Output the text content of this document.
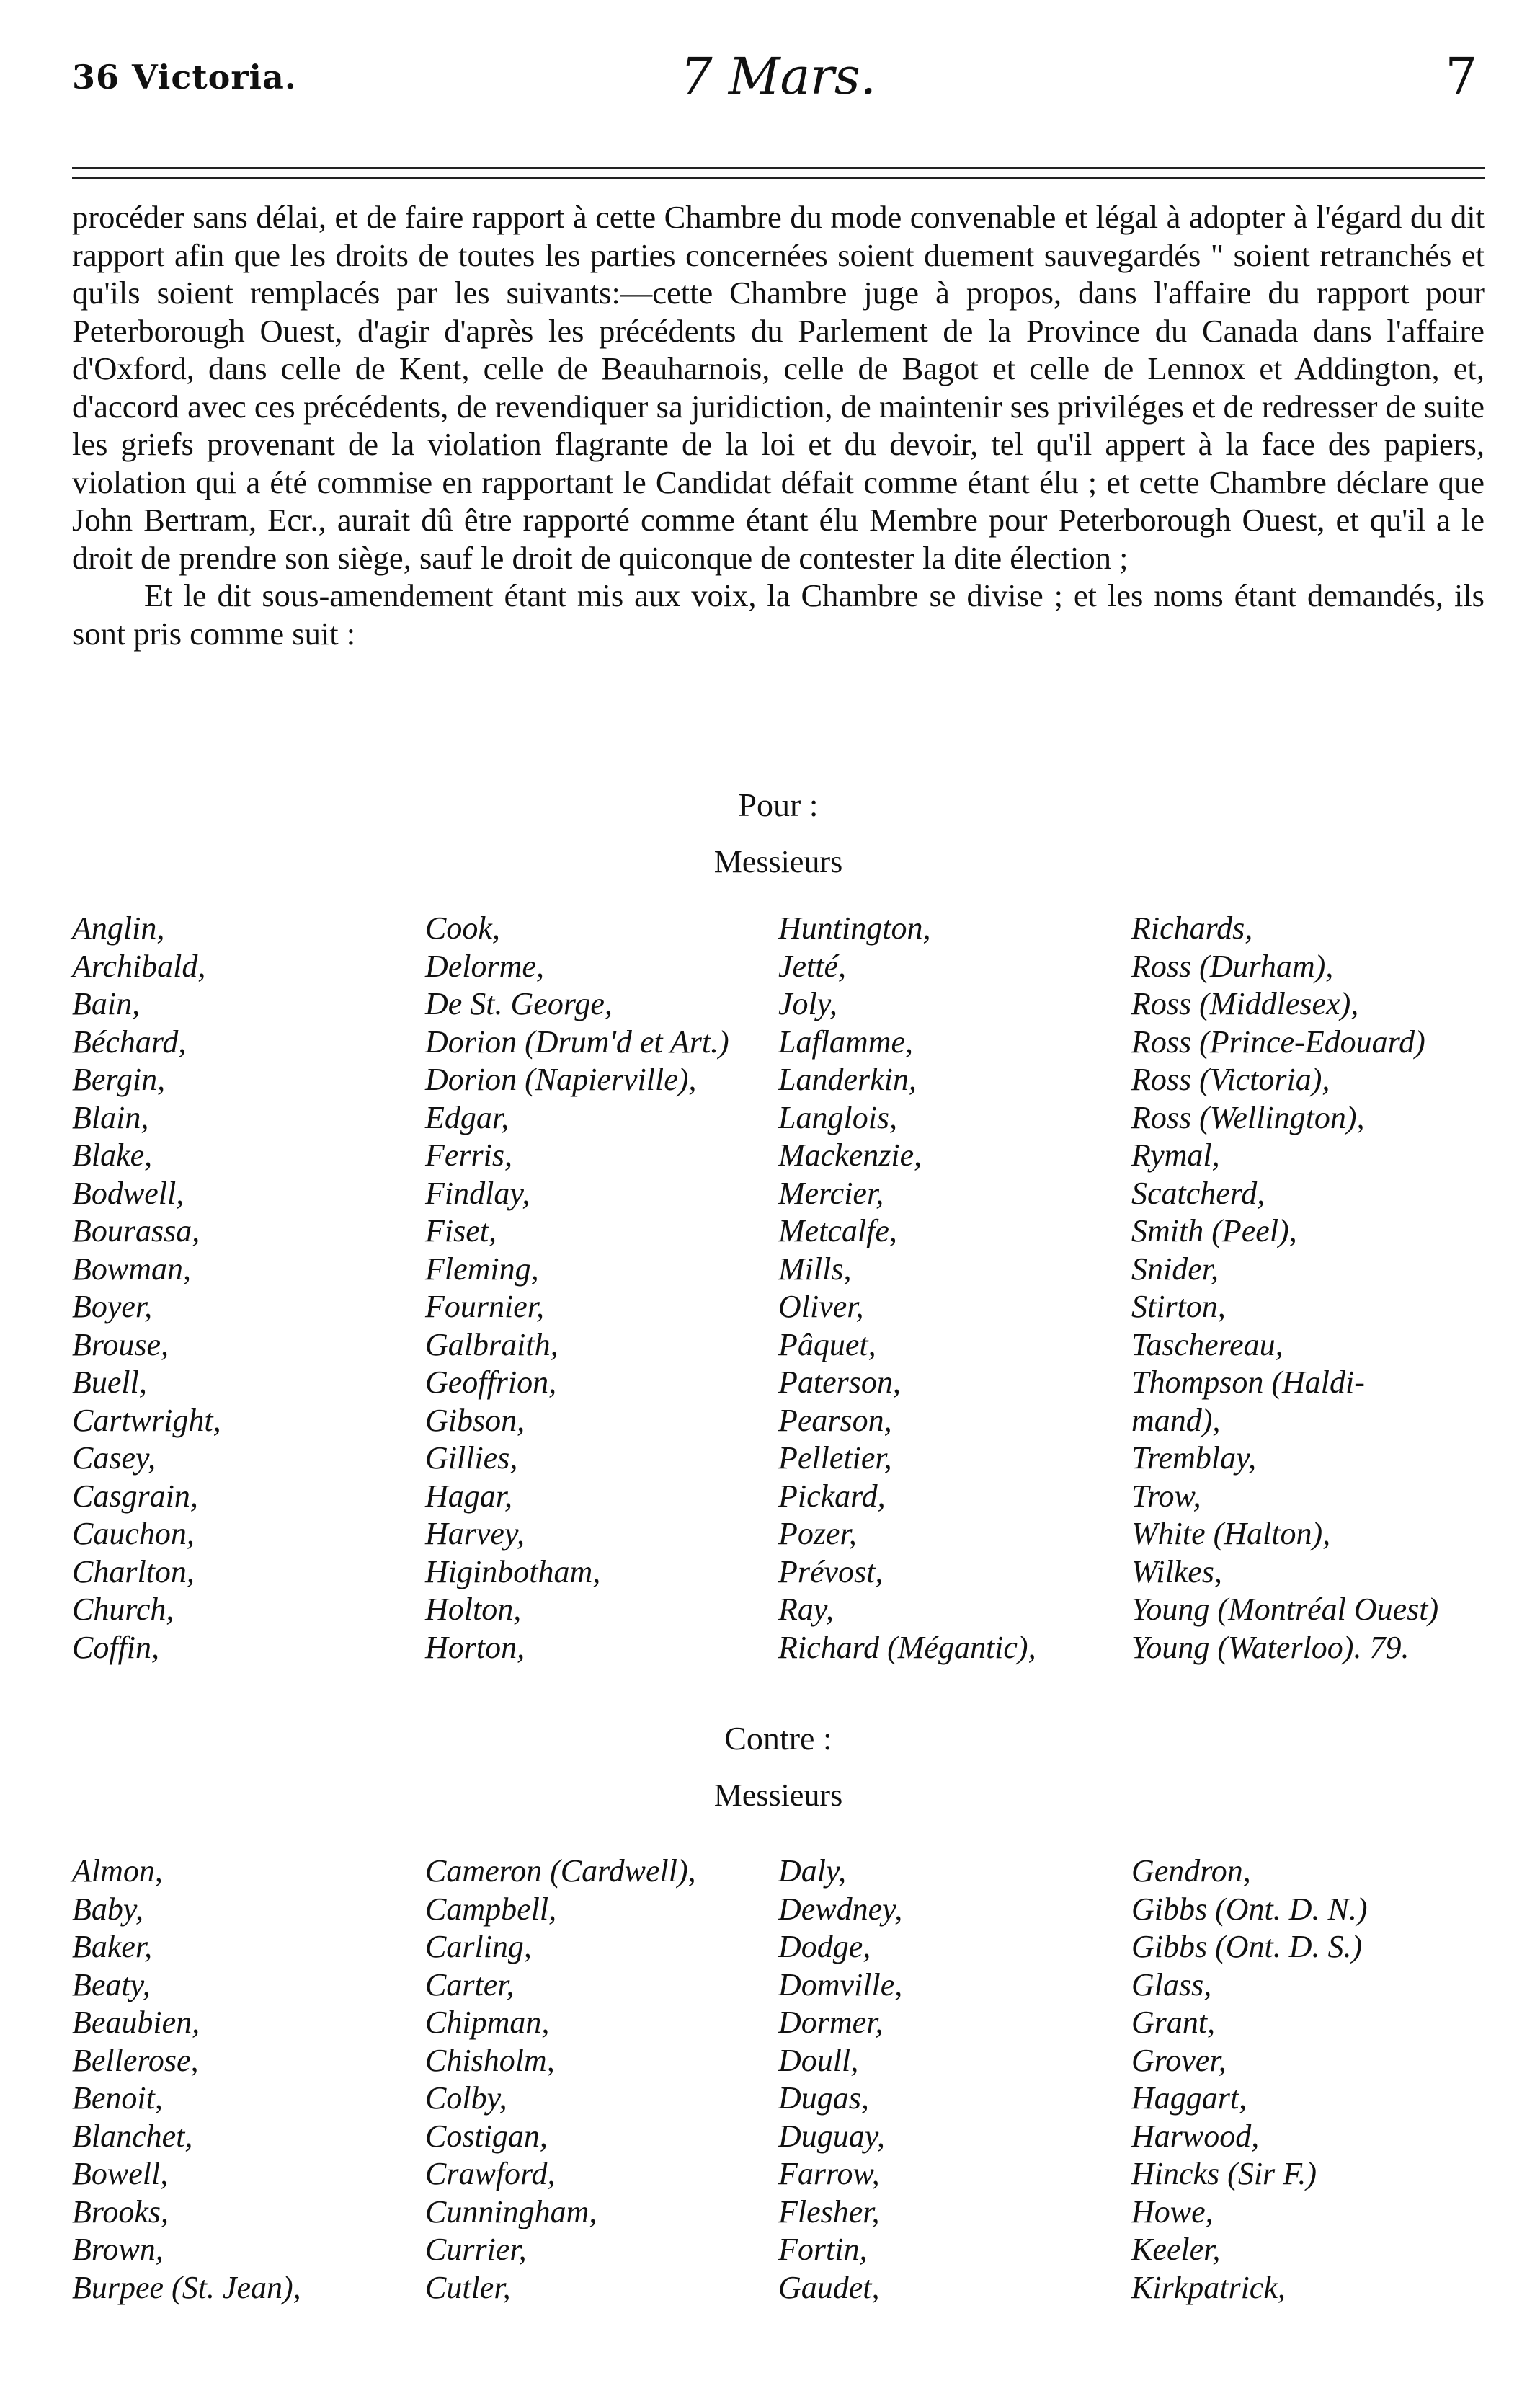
36 Victoria.	7 Mars.	7

procéder sans délai, et de faire rapport à cette Chambre du mode convenable et légal à adopter à l'égard du dit rapport afin que les droits de toutes les parties concernées soient duement sauvegardés " soient retranchés et qu'ils soient remplacés par les suivants:—cette Chambre juge à propos, dans l'affaire du rapport pour Peterborough Ouest, d'agir d'après les précédents du Parlement de la Province du Canada dans l'affaire d'Oxford, dans celle de Kent, celle de Beauharnois, celle de Bagot et celle de Lennox et Addington, et, d'accord avec ces précédents, de revendiquer sa juridiction, de maintenir ses priviléges et de redresser de suite les griefs provenant de la violation flagrante de la loi et du devoir, tel qu'il appert à la face des papiers, violation qui a été commise en rapportant le Candidat défait comme étant élu ; et cette Chambre déclare que John Bertram, Ecr., aurait dû être rapporté comme étant élu Membre pour Peterborough Ouest, et qu'il a le droit de prendre son siège, sauf le droit de quiconque de contester la dite élection ;

Et le dit sous-amendement étant mis aux voix, la Chambre se divise ; et les noms étant demandés, ils sont pris comme suit :

Pour :
Messieurs
Anglin,
Archibald,
Bain,
Béchard,
Bergin,
Blain,
Blake,
Bodwell,
Bourassa,
Bowman,
Boyer,
Brouse,
Buell,
Cartwright,
Casey,
Casgrain,
Cauchon,
Charlton,
Church,
Coffin,
Cook,
Delorme,
De St. George,
Dorion (Drum'd et Art.)
Dorion (Napierville),
Edgar,
Ferris,
Findlay,
Fiset,
Fleming,
Fournier,
Galbraith,
Geoffrion,
Gibson,
Gillies,
Hagar,
Harvey,
Higinbotham,
Holton,
Horton,
Huntington,
Jetté,
Joly,
Laflamme,
Landerkin,
Langlois,
Mackenzie,
Mercier,
Metcalfe,
Mills,
Oliver,
Pâquet,
Paterson,
Pearson,
Pelletier,
Pickard,
Pozer,
Prévost,
Ray,
Richard (Mégantic),
Richards,
Ross (Durham),
Ross (Middlesex),
Ross (Prince-Edouard)
Ross (Victoria),
Ross (Wellington),
Rymal,
Scatcherd,
Smith (Peel),
Snider,
Stirton,
Taschereau,
Thompson (Haldi-
mand),
Tremblay,
Trow,
White (Halton),
Wilkes,
Young (Montréal Ouest)
Young (Waterloo). 79.
Contre :
Messieurs
Almon,
Baby,
Baker,
Beaty,
Beaubien,
Bellerose,
Benoit,
Blanchet,
Bowell,
Brooks,
Brown,
Burpee (St. Jean),
Cameron (Cardwell),
Campbell,
Carling,
Carter,
Chipman,
Chisholm,
Colby,
Costigan,
Crawford,
Cunningham,
Currier,
Cutler,
Daly,
Dewdney,
Dodge,
Domville,
Dormer,
Doull,
Dugas,
Duguay,
Farrow,
Flesher,
Fortin,
Gaudet,
Gendron,
Gibbs (Ont. D. N.)
Gibbs (Ont. D. S.)
Glass,
Grant,
Grover,
Haggart,
Harwood,
Hincks (Sir F.)
Howe,
Keeler,
Kirkpatrick,
